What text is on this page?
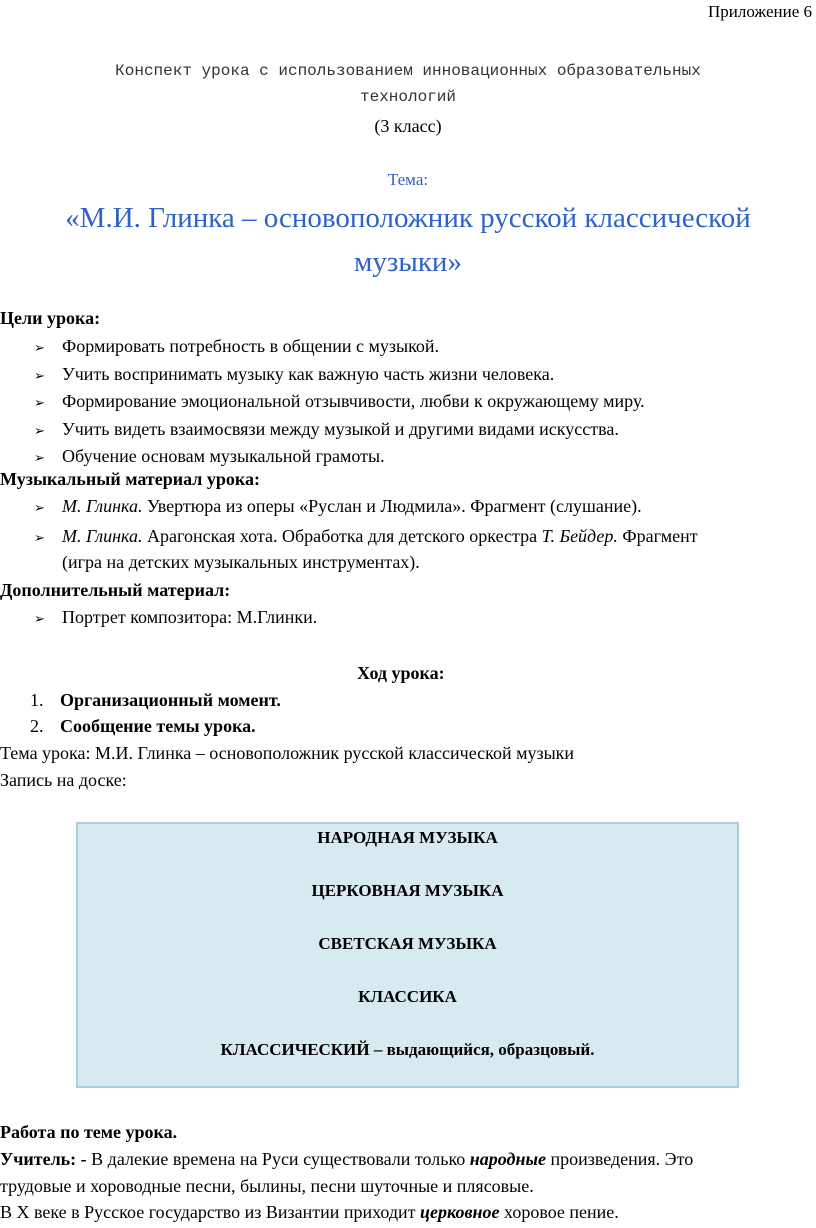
Приложение 6
Конспект урока с использованием инновационных образовательных
технологий
(3 класс)
Тема:
«М.И. Глинка – основоположник русской классической
музыки»
Цели урока:
➢ Формировать потребность в общении с музыкой.
➢ Учить воспринимать музыку как важную часть жизни человека.
➢ Формирование эмоциональной отзывчивости, любви к окружающему миру.
➢ Учить видеть взаимосвязи между музыкой и другими видами искусства.
➢ Обучение основам музыкальной грамоты.
Музыкальный материал урока:
➢ М. Глинка. Увертюра из оперы «Руслан и Людмила». Фрагмент (слушание).
➢ М. Глинка. Арагонская хота. Обработка для детского оркестра Т. Бейдер. Фрагмент
(игра на детских музыкальных инструментах).
Дополнительный материал:
➢ Портрет композитора: М.Глинки.
Ход урока:
1. Организационный момент.
2. Сообщение темы урока.
Тема урока: М.И. Глинка – основоположник русской классической музыки
Запись на доске:
НАРОДНАЯ МУЗЫКА
ЦЕРКОВНАЯ МУЗЫКА
СВЕТСКАЯ МУЗЫКА
КЛАССИКА
КЛАССИЧЕСКИЙ – выдающийся, образцовый.
Работа по теме урока.
Учитель: - В далекие времена на Руси существовали только народные произведения. Это
трудовые и хороводные песни, былины, песни шуточные и плясовые.
В X веке в Русское государство из Византии приходит церковное хоровое пение.
